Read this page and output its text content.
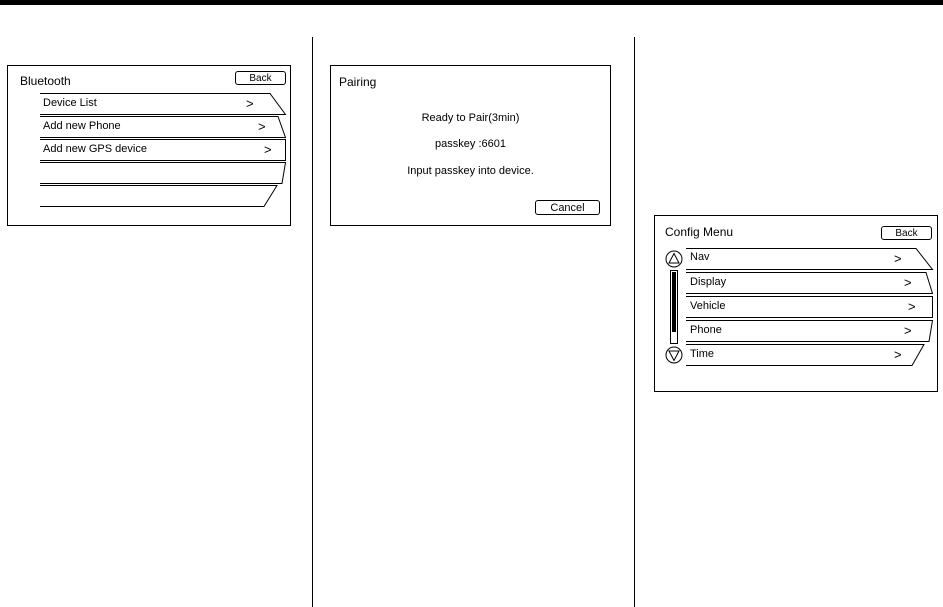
Bluetooth	Back
Device List	>
Add new Phone	>
Add new GPS device	>
Pairing
Ready to Pair(3min)
passkey :6601
Input passkey into device.
Cancel
Config Menu	Back
Nav	>
Display	>
Vehicle	>
Phone	>
Time	>
